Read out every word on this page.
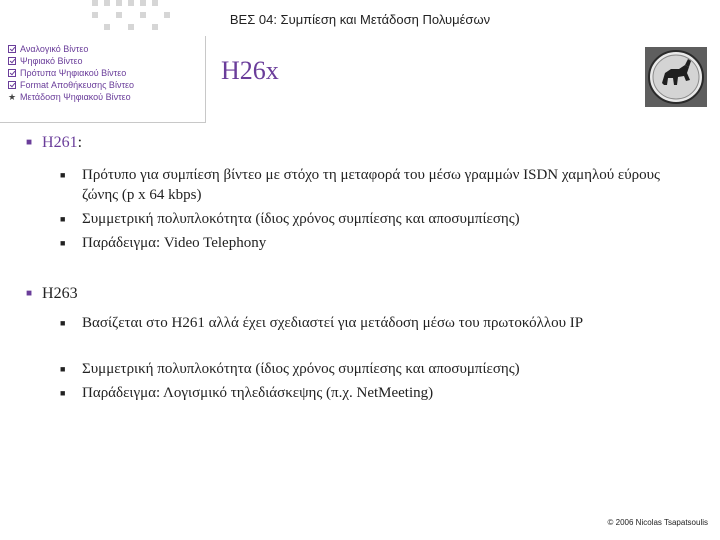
ΒΕΣ 04: Συμπίεση και Μετάδοση Πολυμέσων
Αναλογικό Βίντεο
Ψηφιακό Βίντεο
Πρότυπα Ψηφιακού Βίντεο
Format Αποθήκευσης Βίντεο
★ Μετάδοση Ψηφιακού Βίντεο
H26x
■ H261:
■	Πρότυπο για συμπίεση βίντεο με στόχο τη μεταφορά του μέσω γραμμών ISDN χαμηλού εύρους ζώνης (p x 64 kbps)
■	Συμμετρική πολυπλοκότητα (ίδιος χρόνος συμπίεσης και αποσυμπίεσης)
■	Παράδειγμα: Video Telephony
■ H263
■	Βασίζεται στο H261 αλλά έχει σχεδιαστεί για μετάδοση μέσω του πρωτοκόλλου IP
■	Συμμετρική πολυπλοκότητα (ίδιος χρόνος συμπίεσης και αποσυμπίεσης)
■	Παράδειγμα: Λογισμικό τηλεδιάσκεψης (π.χ. NetMeeting)
© 2006 Nicolas Tsapatsoulis
